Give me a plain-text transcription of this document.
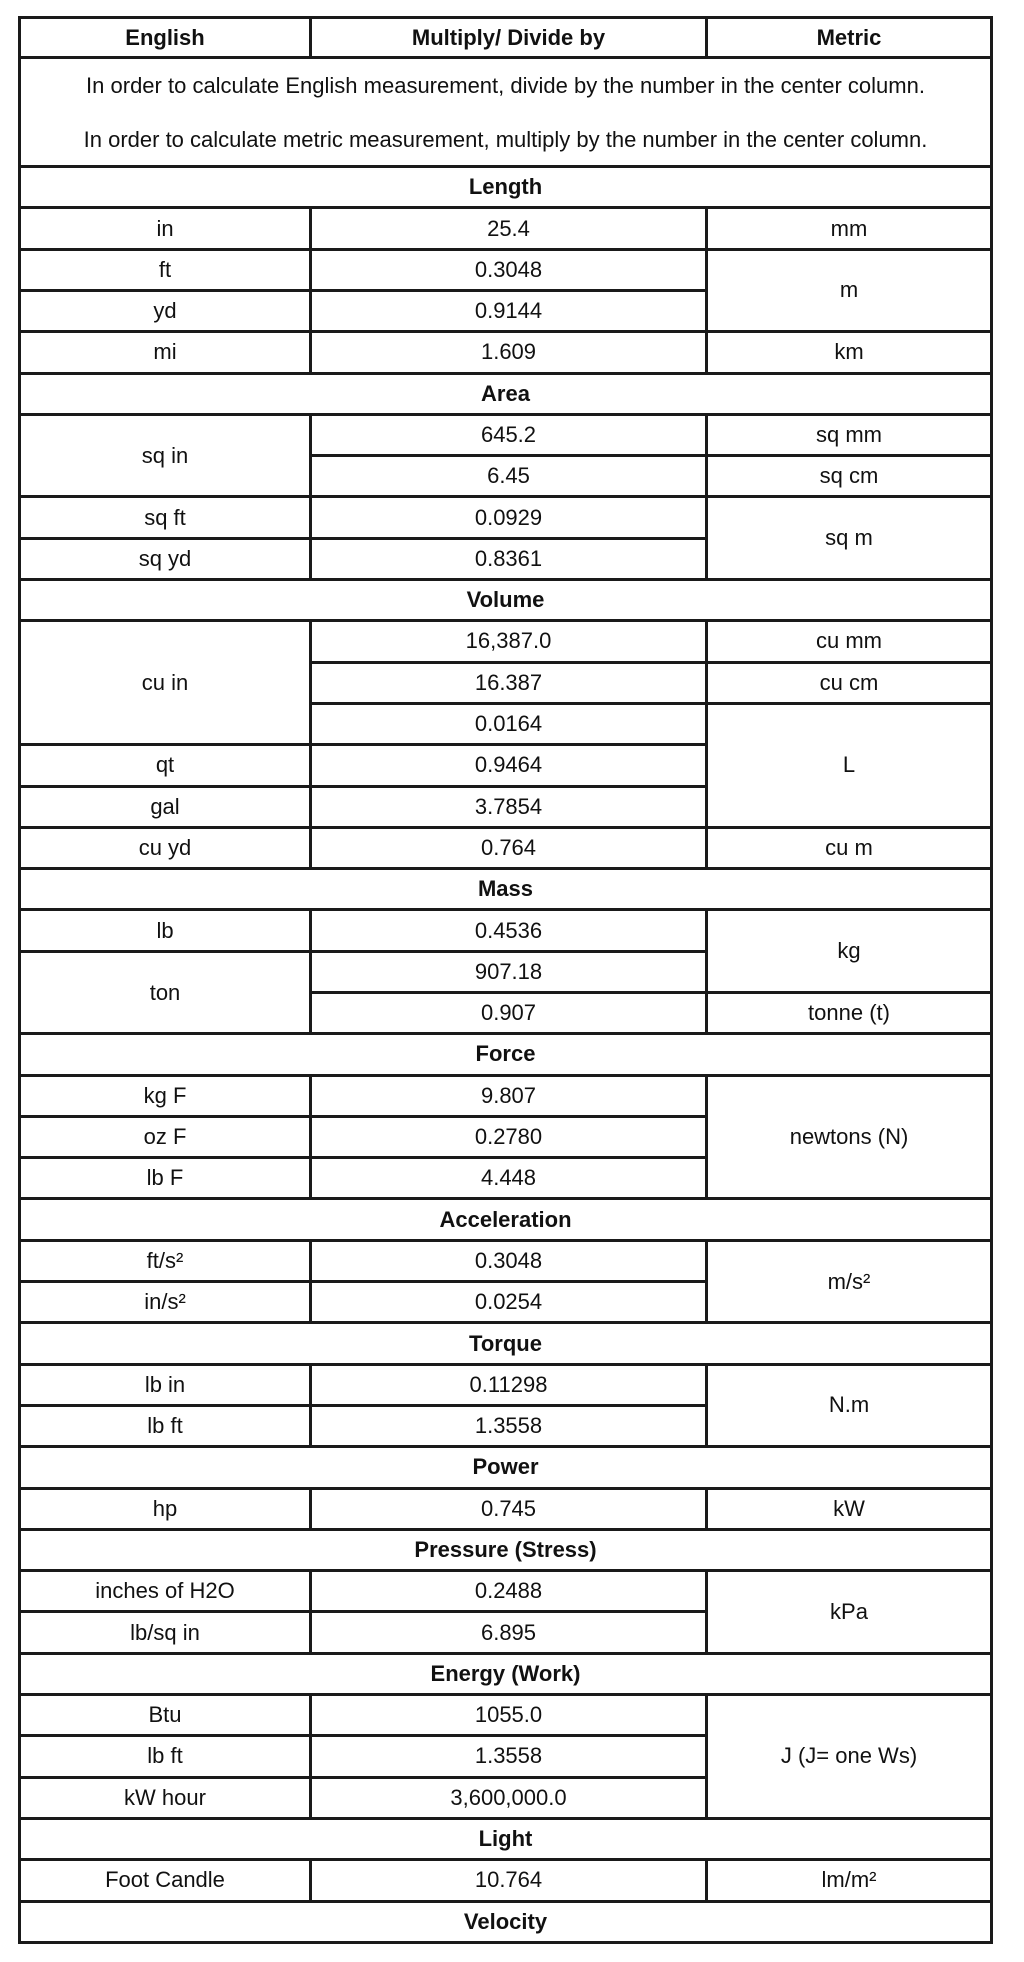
English	Multiply/ Divide by	Metric

In order to calculate English measurement, divide by the number in the center column.
In order to calculate metric measurement, multiply by the number in the center column.		

Length		
in	25.4	mm
ft	0.3048	m
yd	0.9144	
mi	1.609	km
Area		
sq in	645.2	sq mm
	6.45	sq cm
sq ft	0.0929	sq m
sq yd	0.8361	
Volume		
cu in	16,387.0	cu mm
	16.387	cu cm
	0.0164	L
qt	0.9464	
gal	3.7854	
cu yd	0.764	cu m
Mass		
lb	0.4536	kg
ton	907.18	
	0.907	tonne (t)
Force		
kg F	9.807	newtons (N)
oz F	0.2780	
lb F	4.448	
Acceleration		
ft/s²	0.3048	m/s²
in/s²	0.0254	
Torque		
lb in	0.11298	N.m
lb ft	1.3558	
Power		
hp	0.745	kW
Pressure (Stress)		
inches of H2O	0.2488	kPa
lb/sq in	6.895	
Energy (Work)		
Btu	1055.0	J (J= one Ws)
lb ft	1.3558	
kW hour	3,600,000.0	
Light		
Foot Candle	10.764	lm/m²
Velocity		
